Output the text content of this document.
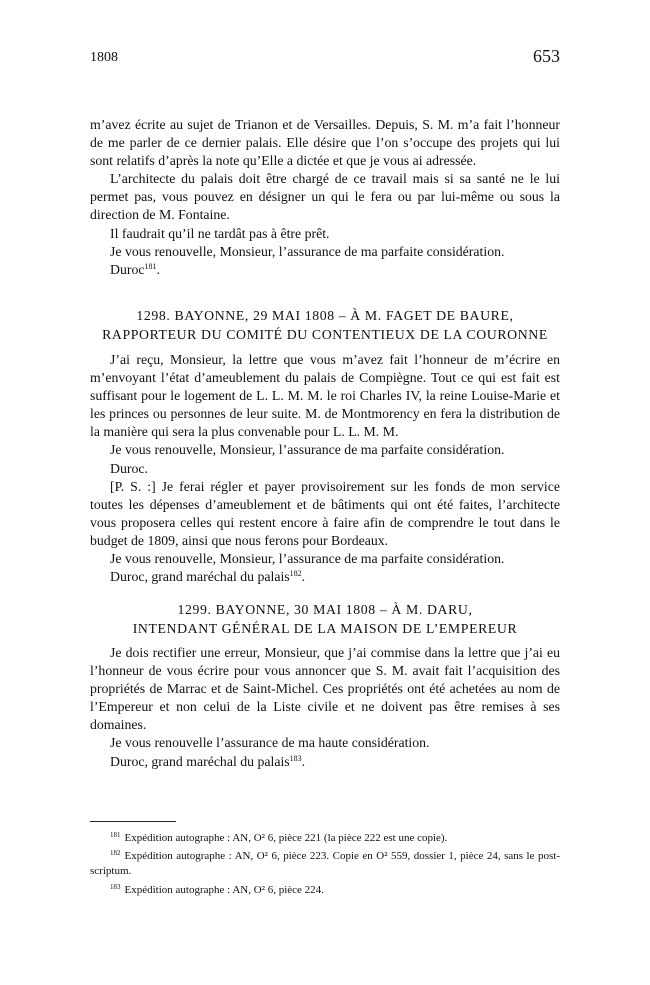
1808	653

m’avez écrite au sujet de Trianon et de Versailles. Depuis, S. M. m’a fait l’honneur de me parler de ce dernier palais. Elle désire que l’on s’occupe des projets qui lui sont relatifs d’après la note qu’Elle a dictée et que je vous ai adressée.

L’architecte du palais doit être chargé de ce travail mais si sa santé ne le lui permet pas, vous pouvez en désigner un qui le fera ou par lui-même ou sous la direction de M. Fontaine.

Il faudrait qu’il ne tardât pas à être prêt.

Je vous renouvelle, Monsieur, l’assurance de ma parfaite considération.

Duroc$^{181}$.

1298. BAYONNE, 29 MAI 1808 – À M. FAGET DE BAURE,
RAPPORTEUR DU COMITÉ DU CONTENTIEUX DE LA COURONNE

J’ai reçu, Monsieur, la lettre que vous m’avez fait l’honneur de m’écrire en m’envoyant l’état d’ameublement du palais de Compiègne. Tout ce qui est fait est suffisant pour le logement de L. L. M. M. le roi Charles IV, la reine Louise-Marie et les princes ou personnes de leur suite. M. de Montmorency en fera la distribution de la manière qui sera la plus convenable pour L. L. M. M.

Je vous renouvelle, Monsieur, l’assurance de ma parfaite considération.

Duroc.

[P. S. :] Je ferai régler et payer provisoirement sur les fonds de mon service toutes les dépenses d’ameublement et de bâtiments qui ont été faites, l’architecte vous proposera celles qui restent encore à faire afin de comprendre le tout dans le budget de 1809, ainsi que nous ferons pour Bordeaux.

Je vous renouvelle, Monsieur, l’assurance de ma parfaite considération.

Duroc, grand maréchal du palais$^{182}$.

1299. BAYONNE, 30 MAI 1808 – À M. DARU,
INTENDANT GÉNÉRAL DE LA MAISON DE L’EMPEREUR

Je dois rectifier une erreur, Monsieur, que j’ai commise dans la lettre que j’ai eu l’honneur de vous écrire pour vous annoncer que S. M. avait fait l’acquisition des propriétés de Marrac et de Saint-Michel. Ces propriétés ont été achetées au nom de l’Empereur et non celui de la Liste civile et ne doivent pas être remises à ses domaines.

Je vous renouvelle l’assurance de ma haute considération.

Duroc, grand maréchal du palais$^{183}$.

$^{181}$ Expédition autographe : AN, O² 6, pièce 221 (la pièce 222 est une copie).

$^{182}$ Expédition autographe : AN, O² 6, pièce 223. Copie en O² 559, dossier 1, pièce 24, sans le post-scriptum.

$^{183}$ Expédition autographe : AN, O² 6, pièce 224.
